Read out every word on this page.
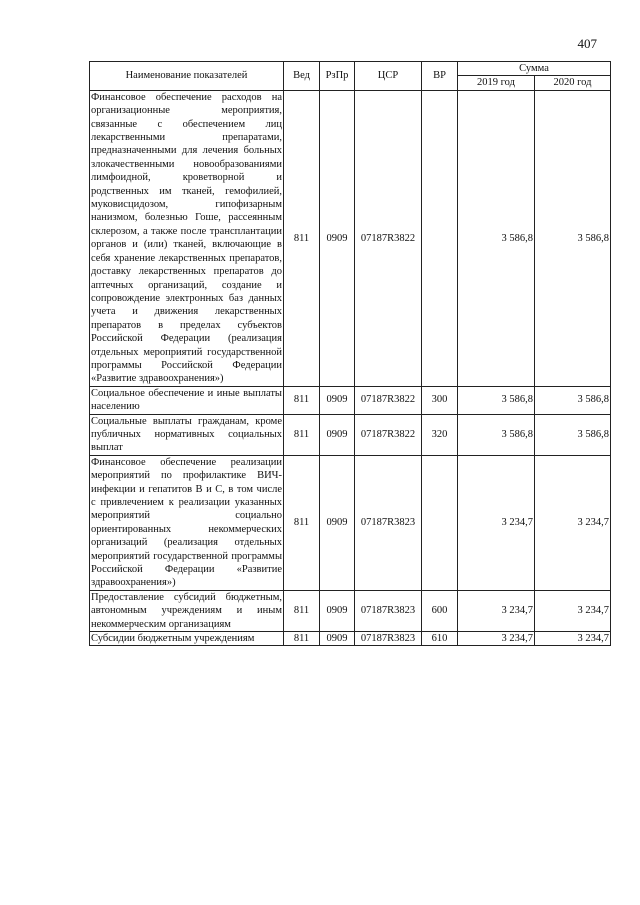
407
Наименование показателей	Вед	РзПр	ЦСР	ВР	Сумма	
					2019 год	2020 год
Финансовое обеспечение расходов на организационные мероприятия, связанные с обеспечением лиц лекарственными препаратами, предназначенными для лечения больных злокачественными новообразованиями лимфоидной, кроветворной и родственных им тканей, гемофилией, муковисцидозом, гипофизарным нанизмом, болезнью Гоше, рассеянным склерозом, а также после трансплантации органов и (или) тканей, включающие в себя хранение лекарственных препаратов, доставку лекарственных препаратов до аптечных организаций, создание и сопровождение электронных баз данных учета и движения лекарственных препаратов в пределах субъектов Российской Федерации (реализация отдельных мероприятий государственной программы Российской Федерации «Развитие здравоохранения»)	811	0909	07187R3822		3 586,8	3 586,8
Социальное обеспечение и иные выплаты населению	811	0909	07187R3822	300	3 586,8	3 586,8
Социальные выплаты гражданам, кроме публичных нормативных социальных выплат	811	0909	07187R3822	320	3 586,8	3 586,8
Финансовое обеспечение реализации мероприятий по профилактике ВИЧ-инфекции и гепатитов В и С, в том числе с привлечением к реализации указанных мероприятий социально ориентированных некоммерческих организаций (реализация отдельных мероприятий государственной программы Российской Федерации «Развитие здравоохранения»)	811	0909	07187R3823		3 234,7	3 234,7
Предоставление субсидий бюджетным, автономным учреждениям и иным некоммерческим организациям	811	0909	07187R3823	600	3 234,7	3 234,7
Субсидии бюджетным учреждениям	811	0909	07187R3823	610	3 234,7	3 234,7
